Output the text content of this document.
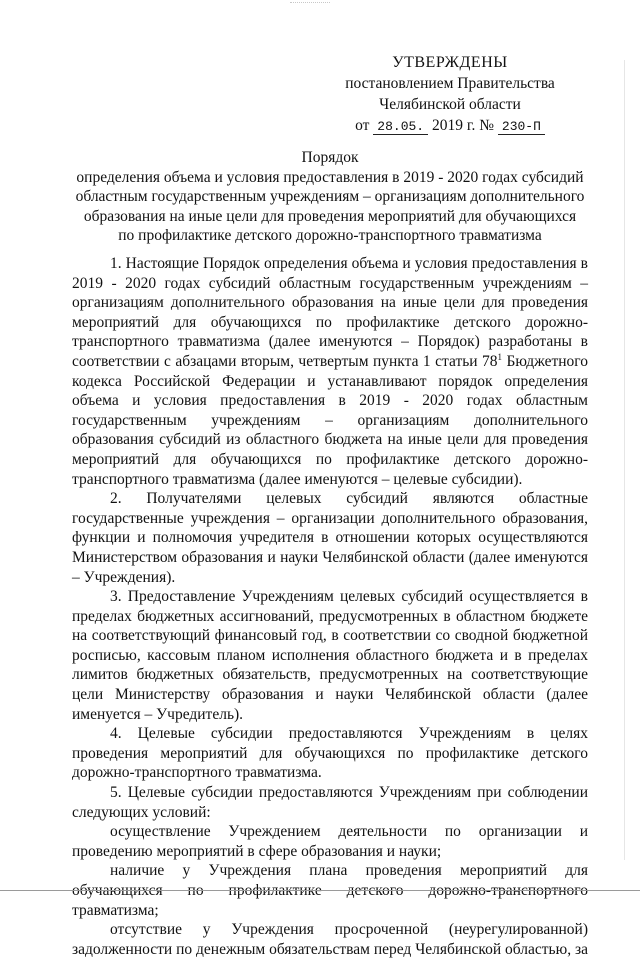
УТВЕРЖДЕНЫ
постановлением Правительства
Челябинской области
от 28.05. 2019 г. № 230-П
Порядок
определения объема и условия предоставления в 2019 - 2020 годах субсидий
областным государственным учреждениям – организациям дополнительного
образования на иные цели для проведения мероприятий для обучающихся
по профилактике детского дорожно-транспортного травматизма

1. Настоящие Порядок определения объема и условия предоставления в 2019 - 2020 годах субсидий областным государственным учреждениям – организациям дополнительного образования на иные цели для проведения мероприятий для обучающихся по профилактике детского дорожно-транспортного травматизма (далее именуются – Порядок) разработаны в соответствии с абзацами вторым, четвертым пункта 1 статьи $78^1$ Бюджетного кодекса Российской Федерации и устанавливают порядок определения объема и условия предоставления в 2019 - 2020 годах областным государственным учреждениям – организациям дополнительного образования субсидий из областного бюджета на иные цели для проведения мероприятий для обучающихся по профилактике детского дорожно-транспортного травматизма (далее именуются – целевые субсидии).

2. Получателями целевых субсидий являются областные государственные учреждения – организации дополнительного образования, функции и полномочия учредителя в отношении которых осуществляются Министерством образования и науки Челябинской области (далее именуются – Учреждения).

3. Предоставление Учреждениям целевых субсидий осуществляется в пределах бюджетных ассигнований, предусмотренных в областном бюджете на соответствующий финансовый год, в соответствии со сводной бюджетной росписью, кассовым планом исполнения областного бюджета и в пределах лимитов бюджетных обязательств, предусмотренных на соответствующие цели Министерству образования и науки Челябинской области (далее именуется – Учредитель).

4. Целевые субсидии предоставляются Учреждениям в целях проведения мероприятий для обучающихся по профилактике детского дорожно-транспортного травматизма.

5. Целевые субсидии предоставляются Учреждениям при соблюдении следующих условий:

осуществление Учреждением деятельности по организации и проведению мероприятий в сфере образования и науки;

наличие у Учреждения плана проведения мероприятий для обучающихся по профилактике детского дорожно-транспортного травматизма;

отсутствие у Учреждения просроченной (неурегулированной) задолженности по денежным обязательствам перед Челябинской областью, за
